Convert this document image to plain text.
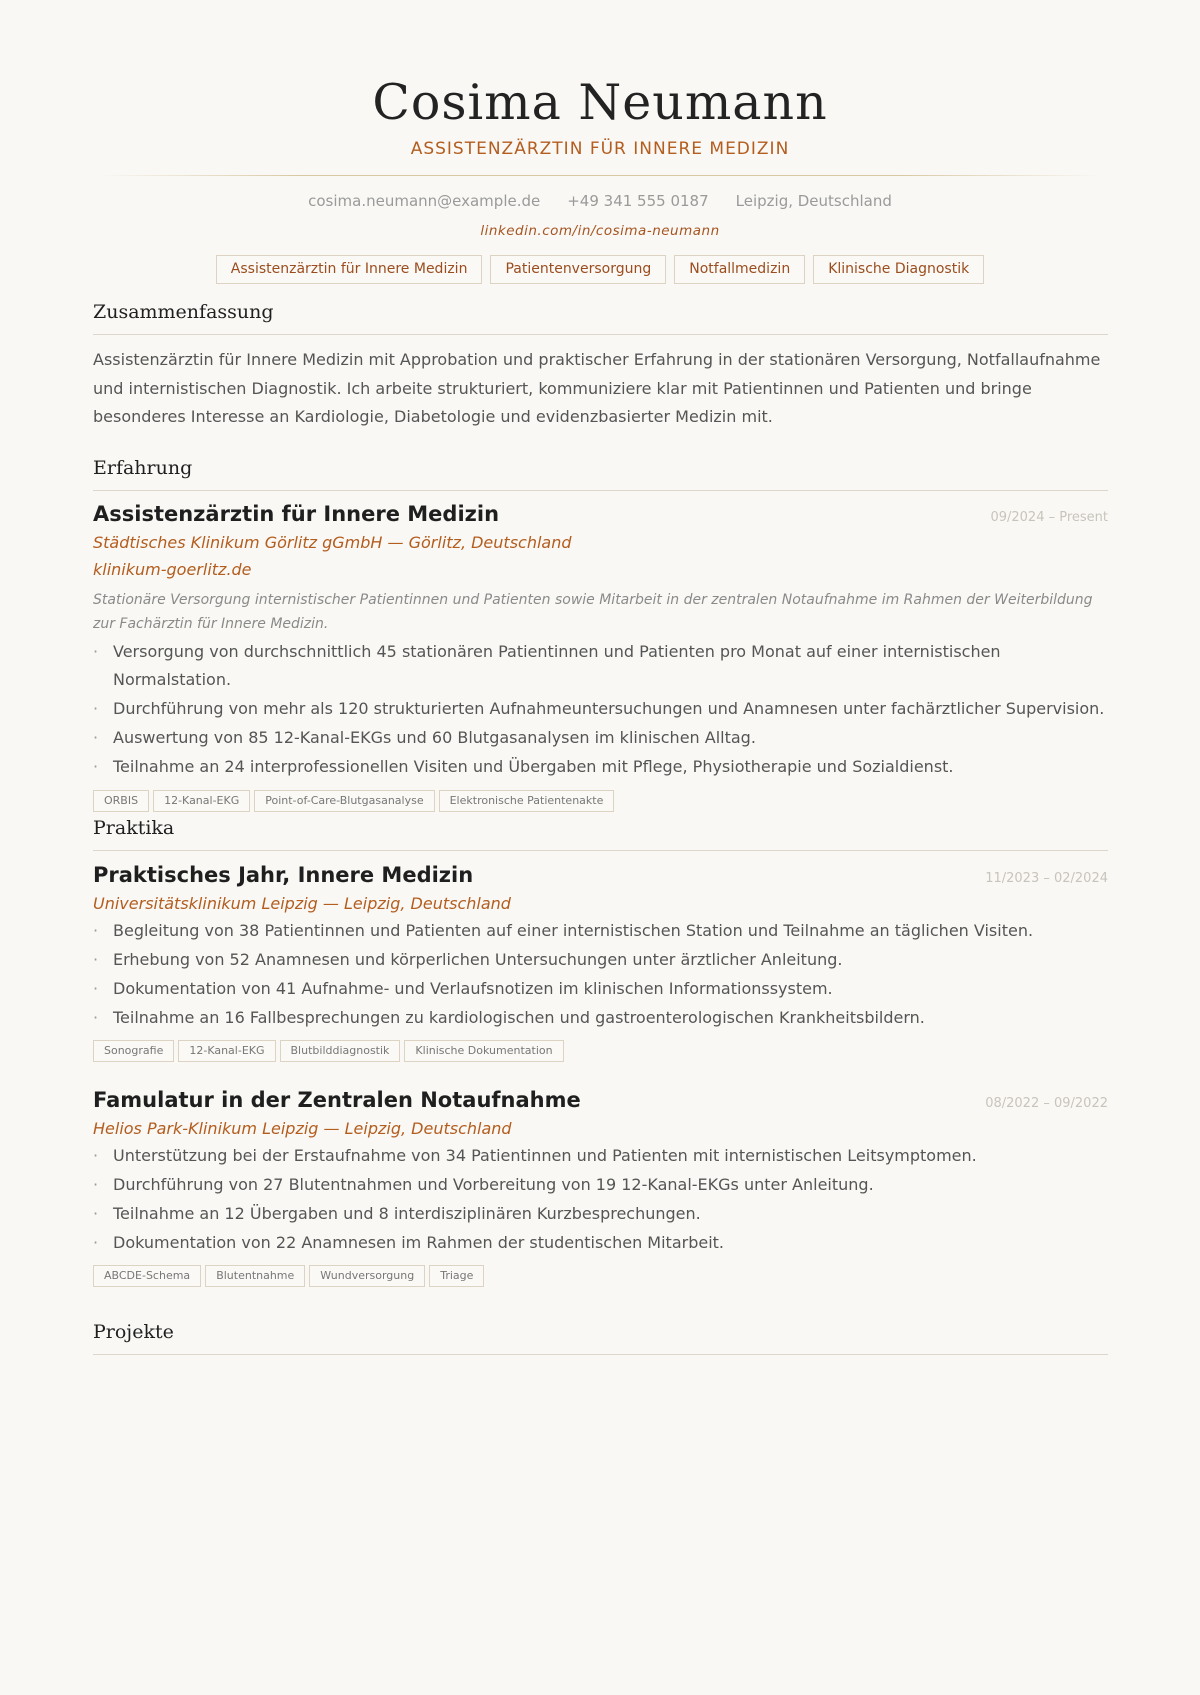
Cosima Neumann
ASSISTENZÄRZTIN FÜR INNERE MEDIZIN
cosima.neumann@example.de +49 341 555 0187 Leipzig, Deutschland
linkedin.com/in/cosima-neumann
Assistenzärztin für Innere Medizin	Patientenversorgung	Notfallmedizin	Klinische Diagnostik
Zusammenfassung
Assistenzärztin für Innere Medizin mit Approbation und praktischer Erfahrung in der stationären Versorgung, Notfallaufnahme und internistischen Diagnostik. Ich arbeite strukturiert, kommuniziere klar mit Patientinnen und Patienten und bringe besonderes Interesse an Kardiologie, Diabetologie und evidenzbasierter Medizin mit.
Erfahrung
Assistenzärztin für Innere Medizin	09/2024 – Present
Städtisches Klinikum Görlitz gGmbH — Görlitz, Deutschland
klinikum-goerlitz.de
Stationäre Versorgung internistischer Patientinnen und Patienten sowie Mitarbeit in der zentralen Notaufnahme im Rahmen der Weiterbildung zur Fachärztin für Innere Medizin.
· Versorgung von durchschnittlich 45 stationären Patientinnen und Patienten pro Monat auf einer internistischen Normalstation.
· Durchführung von mehr als 120 strukturierten Aufnahmeuntersuchungen und Anamnesen unter fachärztlicher Supervision.
· Auswertung von 85 12-Kanal-EKGs und 60 Blutgasanalysen im klinischen Alltag.
· Teilnahme an 24 interprofessionellen Visiten und Übergaben mit Pflege, Physiotherapie und Sozialdienst.
ORBIS	12-Kanal-EKG	Point-of-Care-Blutgasanalyse	Elektronische Patientenakte
Praktika
Praktisches Jahr, Innere Medizin	11/2023 – 02/2024
Universitätsklinikum Leipzig — Leipzig, Deutschland
· Begleitung von 38 Patientinnen und Patienten auf einer internistischen Station und Teilnahme an täglichen Visiten.
· Erhebung von 52 Anamnesen und körperlichen Untersuchungen unter ärztlicher Anleitung.
· Dokumentation von 41 Aufnahme- und Verlaufsnotizen im klinischen Informationssystem.
· Teilnahme an 16 Fallbesprechungen zu kardiologischen und gastroenterologischen Krankheitsbildern.
Sonografie	12-Kanal-EKG	Blutbilddiagnostik	Klinische Dokumentation
Famulatur in der Zentralen Notaufnahme	08/2022 – 09/2022
Helios Park-Klinikum Leipzig — Leipzig, Deutschland
· Unterstützung bei der Erstaufnahme von 34 Patientinnen und Patienten mit internistischen Leitsymptomen.
· Durchführung von 27 Blutentnahmen und Vorbereitung von 19 12-Kanal-EKGs unter Anleitung.
· Teilnahme an 12 Übergaben und 8 interdisziplinären Kurzbesprechungen.
· Dokumentation von 22 Anamnesen im Rahmen der studentischen Mitarbeit.
ABCDE-Schema	Blutentnahme	Wundversorgung	Triage
Projekte
